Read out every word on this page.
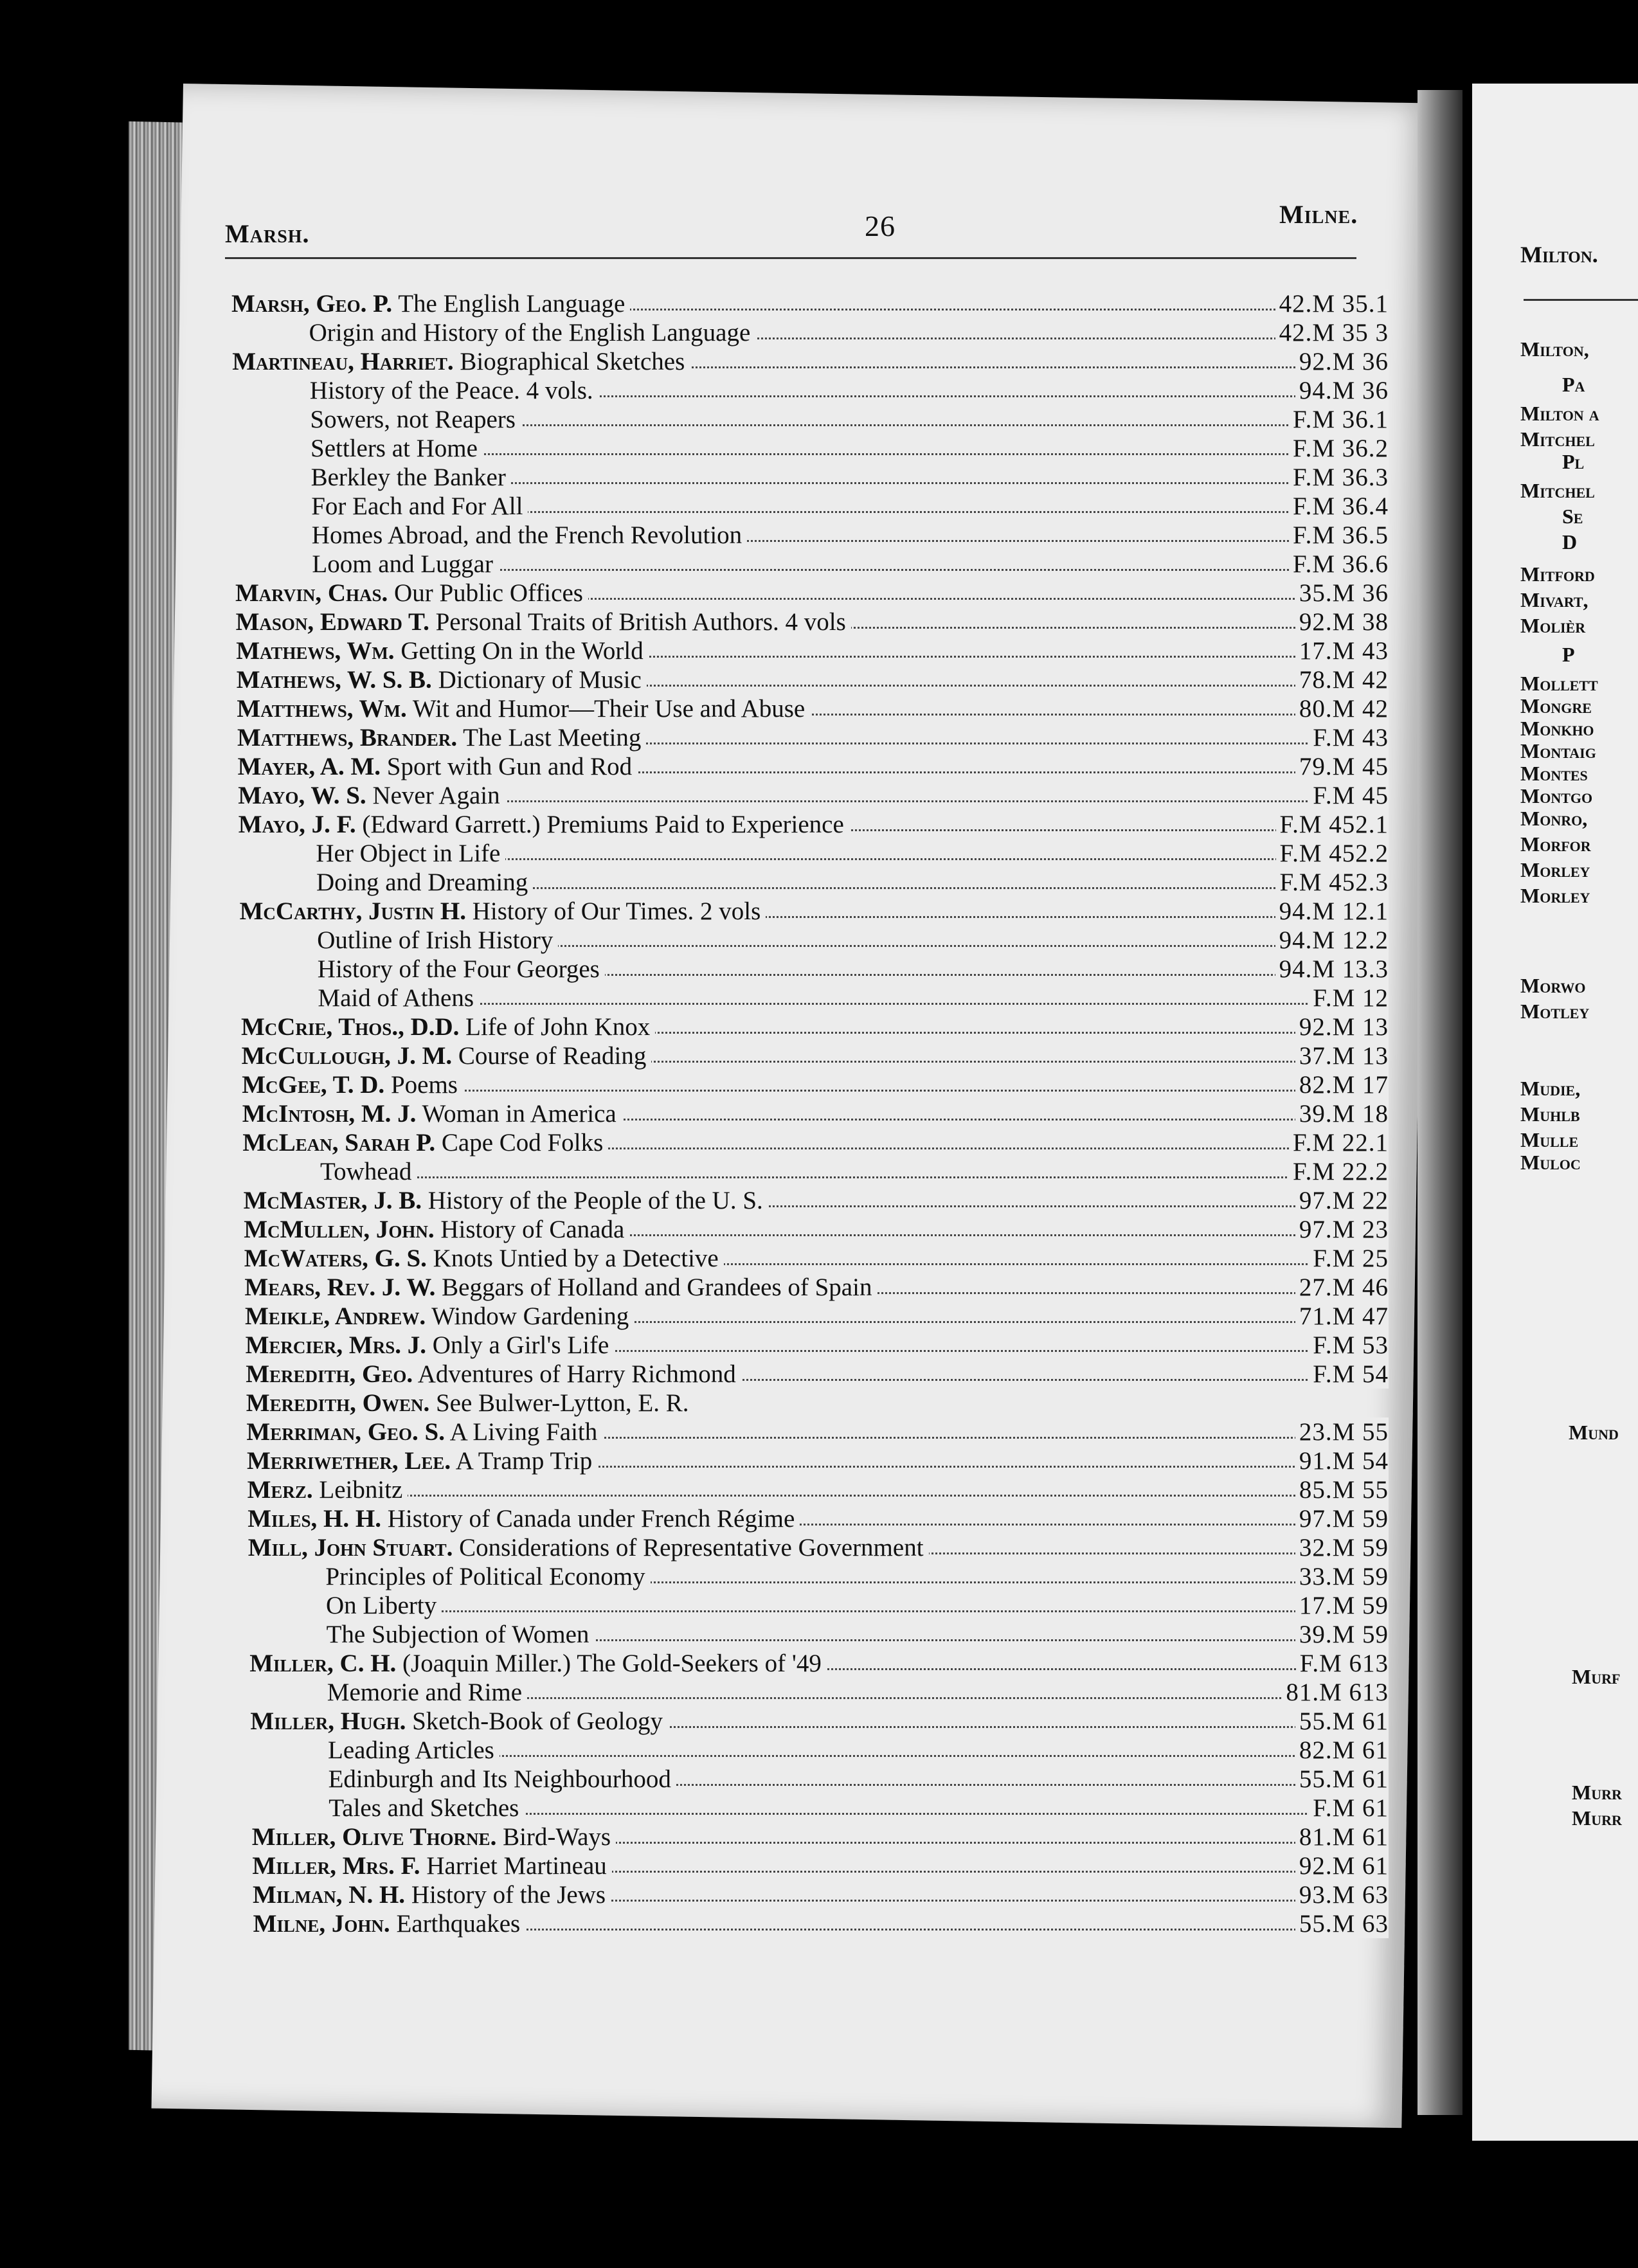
Marsh.	26	Milne.
Marsh, Geo. P. The English Language	42.M 35.1
Origin and History of the English Language	42.M 35 3
Martineau, Harriet. Biographical Sketches	92.M 36
History of the Peace. 4 vols.	94.M 36
Sowers, not Reapers	F.M 36.1
Settlers at Home	F.M 36.2
Berkley the Banker	F.M 36.3
For Each and For All	F.M 36.4
Homes Abroad, and the French Revolution	F.M 36.5
Loom and Luggar	F.M 36.6
Marvin, Chas. Our Public Offices	35.M 36
Mason, Edward T. Personal Traits of British Authors. 4 vols	92.M 38
Mathews, Wm. Getting On in the World	17.M 43
Mathews, W. S. B. Dictionary of Music	78.M 42
Matthews, Wm. Wit and Humor—Their Use and Abuse	80.M 42
Matthews, Brander. The Last Meeting	F.M 43
Mayer, A. M. Sport with Gun and Rod	79.M 45
Mayo, W. S. Never Again	F.M 45
Mayo, J. F. (Edward Garrett.) Premiums Paid to Experience	F.M 452.1
Her Object in Life	F.M 452.2
Doing and Dreaming	F.M 452.3
McCarthy, Justin H. History of Our Times. 2 vols	94.M 12.1
Outline of Irish History	94.M 12.2
History of the Four Georges	94.M 13.3
Maid of Athens	F.M 12
McCrie, Thos., D.D. Life of John Knox	92.M 13
McCullough, J. M. Course of Reading	37.M 13
McGee, T. D. Poems	82.M 17
McIntosh, M. J. Woman in America	39.M 18
McLean, Sarah P. Cape Cod Folks	F.M 22.1
Towhead	F.M 22.2
McMaster, J. B. History of the People of the U. S.	97.M 22
McMullen, John. History of Canada	97.M 23
McWaters, G. S. Knots Untied by a Detective	F.M 25
Mears, Rev. J. W. Beggars of Holland and Grandees of Spain	27.M 46
Meikle, Andrew. Window Gardening	71.M 47
Mercier, Mrs. J. Only a Girl's Life	F.M 53
Meredith, Geo. Adventures of Harry Richmond	F.M 54
Meredith, Owen. See Bulwer-Lytton, E. R.
Merriman, Geo. S. A Living Faith	23.M 55
Merriwether, Lee. A Tramp Trip	91.M 54
Merz. Leibnitz	85.M 55
Miles, H. H. History of Canada under French Régime	97.M 59
Mill, John Stuart. Considerations of Representative Government	32.M 59
Principles of Political Economy	33.M 59
On Liberty	17.M 59
The Subjection of Women	39.M 59
Miller, C. H. (Joaquin Miller.) The Gold-Seekers of '49	F.M 613
Memorie and Rime	81.M 613
Miller, Hugh. Sketch-Book of Geology	55.M 61
Leading Articles	82.M 61
Edinburgh and Its Neighbourhood	55.M 61
Tales and Sketches	F.M 61
Miller, Olive Thorne. Bird-Ways	81.M 61
Miller, Mrs. F. Harriet Martineau	92.M 61
Milman, N. H. History of the Jews	93.M 63
Milne, John. Earthquakes	55.M 63
Milton.
Milton,
Pa
Milton a
Mitchel
Pl
Mitchel
Se
D
Mitford
Mivart,
Molièr
P
Mollett
Mongre
Monkho
Montaig
Montes
Montgo
Monro,
Morfor
Morley
Morley
Morwo
Motley
Mudie,
Muhlb
Mulle
Muloc
Mund
Murf
Murr
Murr
